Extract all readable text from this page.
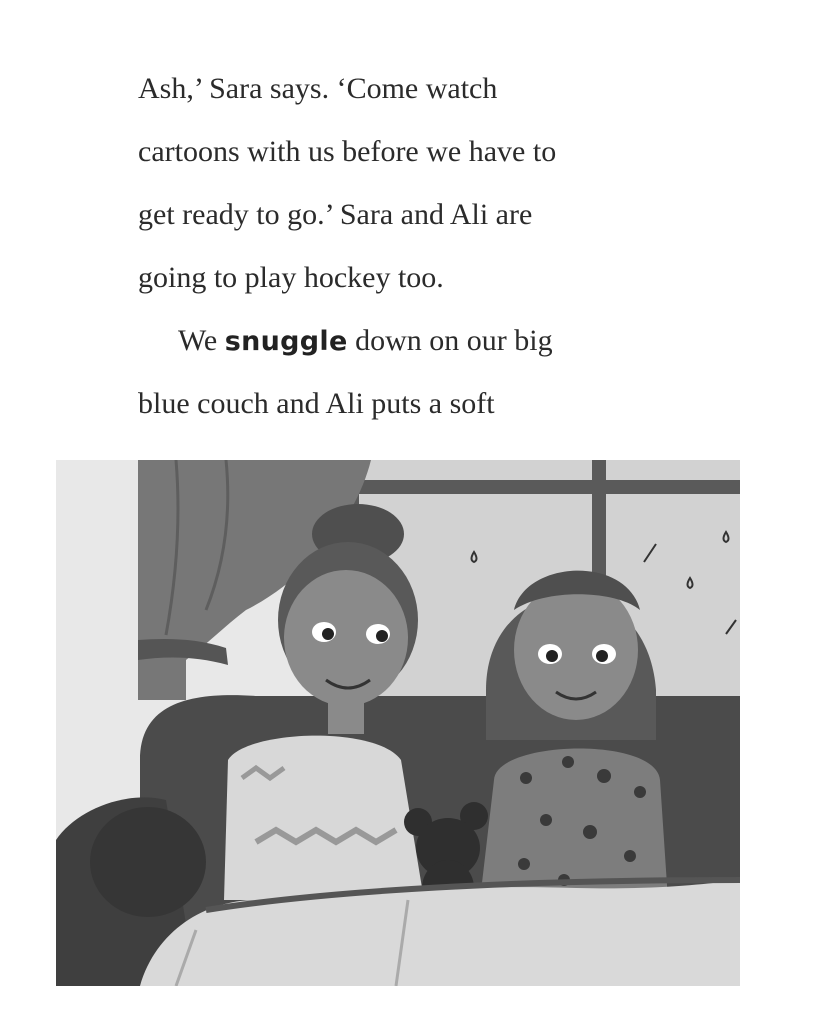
Ash,’ Sara says. ‘Come watch
cartoons with us before we have to
get ready to go.’ Sara and Ali are
going to play hockey too.
We snuggle down on our big
blue couch and Ali puts a soft
